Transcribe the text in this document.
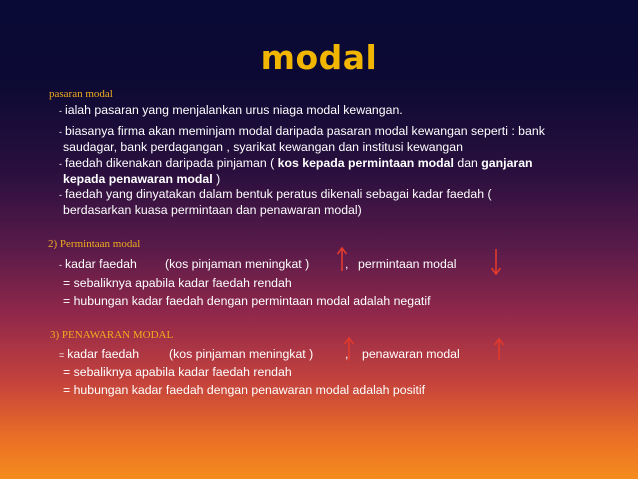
modal
pasaran modal
- ialah pasaran yang menjalankan urus niaga modal kewangan.
- biasanya firma akan meminjam modal daripada pasaran modal kewangan seperti : bank
saudagar, bank perdagangan , syarikat kewangan dan institusi kewangan
- faedah dikenakan daripada pinjaman ( kos kepada permintaan modal dan ganjaran
kepada penawaran modal )
- faedah yang dinyatakan dalam bentuk peratus dikenali sebagai kadar faedah (
berdasarkan kuasa permintaan dan penawaran modal)
2) Permintaan modal
- kadar faedah (kos pinjaman meningkat )	, permintaan modal
= sebaliknya apabila kadar faedah rendah
= hubungan kadar faedah dengan permintaan modal adalah negatif
3) PENAWARAN MODAL
= kadar faedah (kos pinjaman meningkat )	, penawaran modal
= sebaliknya apabila kadar faedah rendah
= hubungan kadar faedah dengan penawaran modal adalah positif
